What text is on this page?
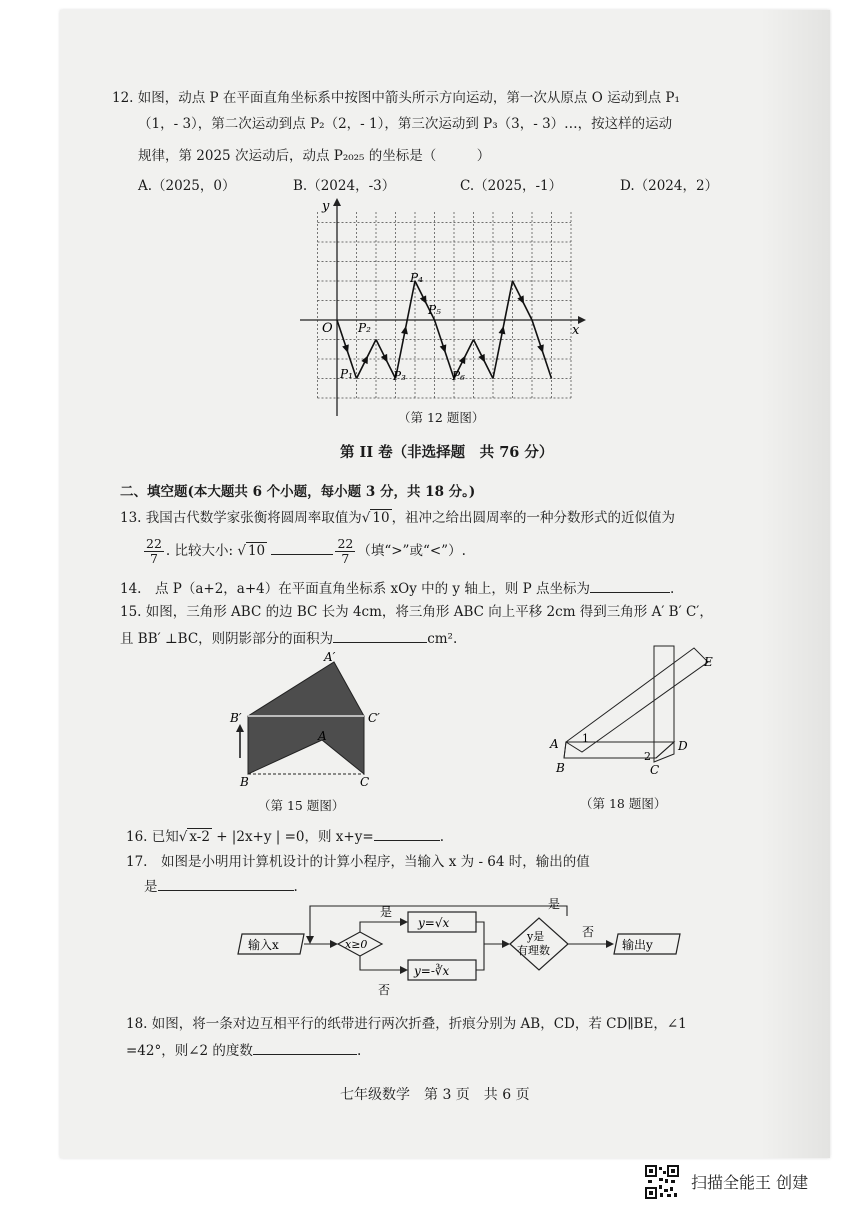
12. 如图，动点 P 在平面直角坐标系中按图中箭头所示方向运动，第一次从原点 O 运动到点 P₁
（1，- 3），第二次运动到点 P₂（2，- 1），第三次运动到 P₃（3，- 3）…，按这样的运动
规律，第 2025 次运动后，动点 P₂₀₂₅ 的坐标是（　　　）
A.（2025，0）	B.（2024，-3）	C.（2025，-1）	D.（2024，2）
x
y
O
P₁
P₂
P₃
P₄
P₅
P₆
（第 12 题图）
第 II 卷（非选择题　共 76 分）
二、填空题(本大题共 6 个小题，每小题 3 分，共 18 分。)
13. 我国古代数学家张衡将圆周率取值为√ 10 ，祖冲之给出圆周率的一种分数形式的近似值为
$\frac{22}{7}$ . 比较大小: √ 10	$\frac{22}{7}$ （填“>”或“<”）.
14.　点 P（a+2，a+4）在平面直角坐标系 xOy 中的 y 轴上，则 P 点坐标为	.
15. 如图，三角形 ABC 的边 BC 长为 4cm，将三角形 ABC 向上平移 2cm 得到三角形 A′ B′ C′，
且 BB′ ⊥BC，则阴影部分的面积为	cm².
A′
B′	C′
A
B	C
（第 15 题图）
A
B	C
D
E
1
2
（第 18 题图）
16. 已知√ x-2 + |2x+y | =0，则 x+y=	.
17.　如图是小明用计算机设计的计算小程序，当输入 x 为 - 64 时，输出的值
是	.
输入x	x≥0
是
否
y=√x
y=-∛x
y是
有理数
是
否
输出y
18. 如图，将一条对边互相平行的纸带进行两次折叠，折痕分别为 AB，CD，若 CD∥BE，∠1
=42°，则∠2 的度数	.
七年级数学　第 3 页　共 6 页
扫描全能王 创建
